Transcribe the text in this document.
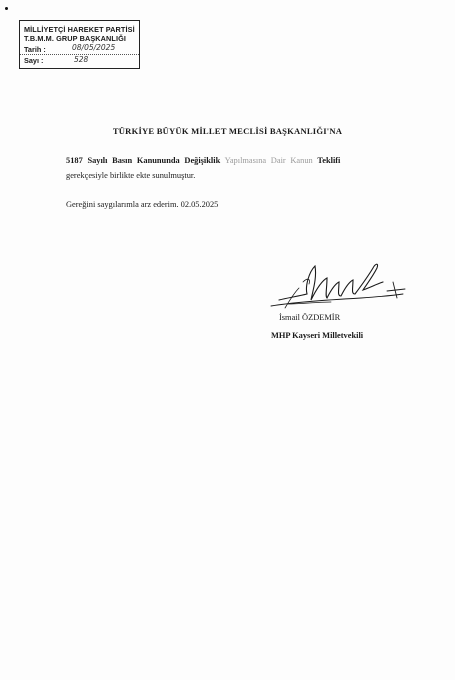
MİLLİYETÇİ HAREKET PARTİSİ
T.B.M.M. GRUP BAŞKANLIĞI
Tarih :	08/05/2025
Sayı :	528
TÜRKİYE BÜYÜK MİLLET MECLİSİ BAŞKANLIĞI'NA
5187 Sayılı Basın Kanununda Değişiklik Yapılmasına Dair Kanun Teklifi
gerekçesiyle birlikte ekte sunulmuştur.
Gereğini saygılarımla arz ederim. 02.05.2025
İsmail ÖZDEMİR
MHP Kayseri Milletvekili
